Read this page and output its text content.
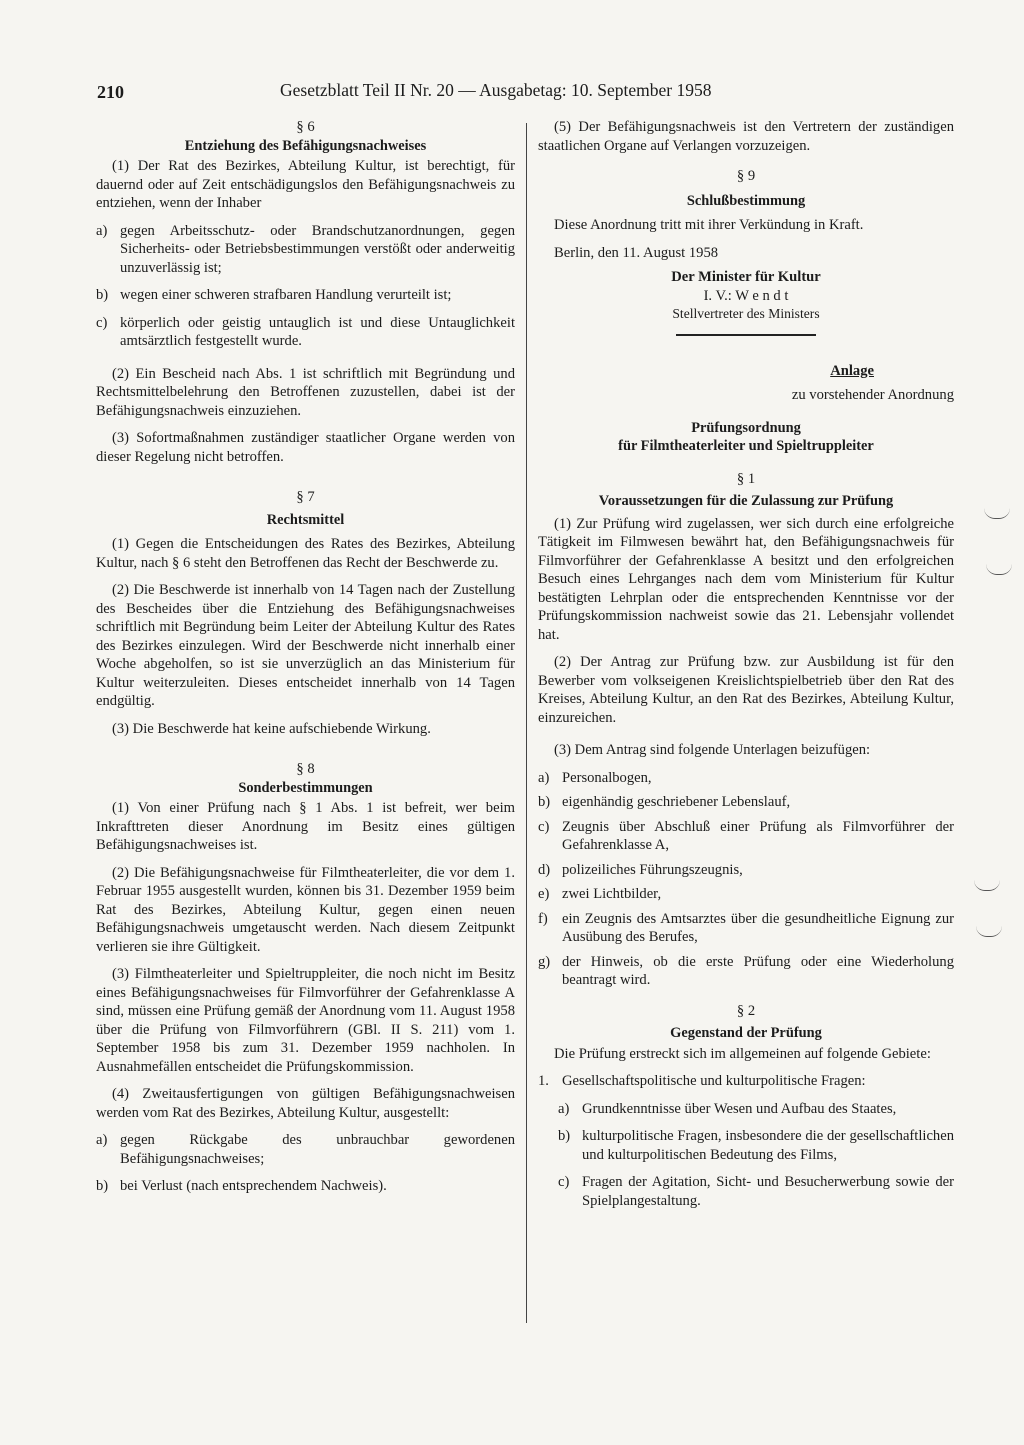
210	Gesetzblatt Teil II Nr. 20 — Ausgabetag: 10. September 1958
§ 6
Entziehung des Befähigungsnachweises

(1) Der Rat des Bezirkes, Abteilung Kultur, ist berechtigt, für dauernd oder auf Zeit entschädigungslos den Befähigungsnachweis zu entziehen, wenn der Inhaber

a) gegen Arbeitsschutz- oder Brandschutzanordnungen, gegen Sicherheits- oder Betriebsbestimmungen verstößt oder anderweitig unzuverlässig ist;
b) wegen einer schweren strafbaren Handlung verurteilt ist;
c) körperlich oder geistig untauglich ist und diese Untauglichkeit amtsärztlich festgestellt wurde.

(2) Ein Bescheid nach Abs. 1 ist schriftlich mit Begründung und Rechtsmittelbelehrung den Betroffenen zuzustellen, dabei ist der Befähigungsnachweis einzuziehen.

(3) Sofortmaßnahmen zuständiger staatlicher Organe werden von dieser Regelung nicht betroffen.

§ 7
Rechtsmittel

(1) Gegen die Entscheidungen des Rates des Bezirkes, Abteilung Kultur, nach § 6 steht den Betroffenen das Recht der Beschwerde zu.

(2) Die Beschwerde ist innerhalb von 14 Tagen nach der Zustellung des Bescheides über die Entziehung des Befähigungsnachweises schriftlich mit Begründung beim Leiter der Abteilung Kultur des Rates des Bezirkes einzulegen. Wird der Beschwerde nicht innerhalb einer Woche abgeholfen, so ist sie unverzüglich an das Ministerium für Kultur weiterzuleiten. Dieses entscheidet innerhalb von 14 Tagen endgültig.

(3) Die Beschwerde hat keine aufschiebende Wirkung.

§ 8
Sonderbestimmungen

(1) Von einer Prüfung nach § 1 Abs. 1 ist befreit, wer beim Inkrafttreten dieser Anordnung im Besitz eines gültigen Befähigungsnachweises ist.

(2) Die Befähigungsnachweise für Filmtheaterleiter, die vor dem 1. Februar 1955 ausgestellt wurden, können bis 31. Dezember 1959 beim Rat des Bezirkes, Abteilung Kultur, gegen einen neuen Befähigungsnachweis umgetauscht werden. Nach diesem Zeitpunkt verlieren sie ihre Gültigkeit.

(3) Filmtheaterleiter und Spieltruppleiter, die noch nicht im Besitz eines Befähigungsnachweises für Filmvorführer der Gefahrenklasse A sind, müssen eine Prüfung gemäß der Anordnung vom 11. August 1958 über die Prüfung von Filmvorführern (GBl. II S. 211) vom 1. September 1958 bis zum 31. Dezember 1959 nachholen. In Ausnahmefällen entscheidet die Prüfungskommission.

(4) Zweitausfertigungen von gültigen Befähigungsnachweisen werden vom Rat des Bezirkes, Abteilung Kultur, ausgestellt:

a) gegen Rückgabe des unbrauchbar gewordenen Befähigungsnachweises;
b) bei Verlust (nach entsprechendem Nachweis).

(5) Der Befähigungsnachweis ist den Vertretern der zuständigen staatlichen Organe auf Verlangen vorzuzeigen.

§ 9
Schlußbestimmung

Diese Anordnung tritt mit ihrer Verkündung in Kraft.

Berlin, den 11. August 1958

Der Minister für Kultur
I. V.: W e n d t
Stellvertreter des Ministers
Anlage
zu vorstehender Anordnung
Prüfungsordnung
für Filmtheaterleiter und Spieltruppleiter
§ 1
Voraussetzungen für die Zulassung zur Prüfung

(1) Zur Prüfung wird zugelassen, wer sich durch eine erfolgreiche Tätigkeit im Filmwesen bewährt hat, den Befähigungsnachweis für Filmvorführer der Gefahrenklasse A besitzt und den erfolgreichen Besuch eines Lehrganges nach dem vom Ministerium für Kultur bestätigten Lehrplan oder die entsprechenden Kenntnisse vor der Prüfungskommission nachweist sowie das 21. Lebensjahr vollendet hat.

(2) Der Antrag zur Prüfung bzw. zur Ausbildung ist für den Bewerber vom volkseigenen Kreislichtspielbetrieb über den Rat des Kreises, Abteilung Kultur, an den Rat des Bezirkes, Abteilung Kultur, einzureichen.

(3) Dem Antrag sind folgende Unterlagen beizufügen:

a) Personalbogen,
b) eigenhändig geschriebener Lebenslauf,
c) Zeugnis über Abschluß einer Prüfung als Filmvorführer der Gefahrenklasse A,
d) polizeiliches Führungszeugnis,
e) zwei Lichtbilder,
f) ein Zeugnis des Amtsarztes über die gesundheitliche Eignung zur Ausübung des Berufes,
g) der Hinweis, ob die erste Prüfung oder eine Wiederholung beantragt wird.
§ 2
Gegenstand der Prüfung

Die Prüfung erstreckt sich im allgemeinen auf folgende Gebiete:

1. Gesellschaftspolitische und kulturpolitische Fragen:
a) Grundkenntnisse über Wesen und Aufbau des Staates,
b) kulturpolitische Fragen, insbesondere die der gesellschaftlichen und kulturpolitischen Bedeutung des Films,
c) Fragen der Agitation, Sicht- und Besucherwerbung sowie der Spielplangestaltung.
